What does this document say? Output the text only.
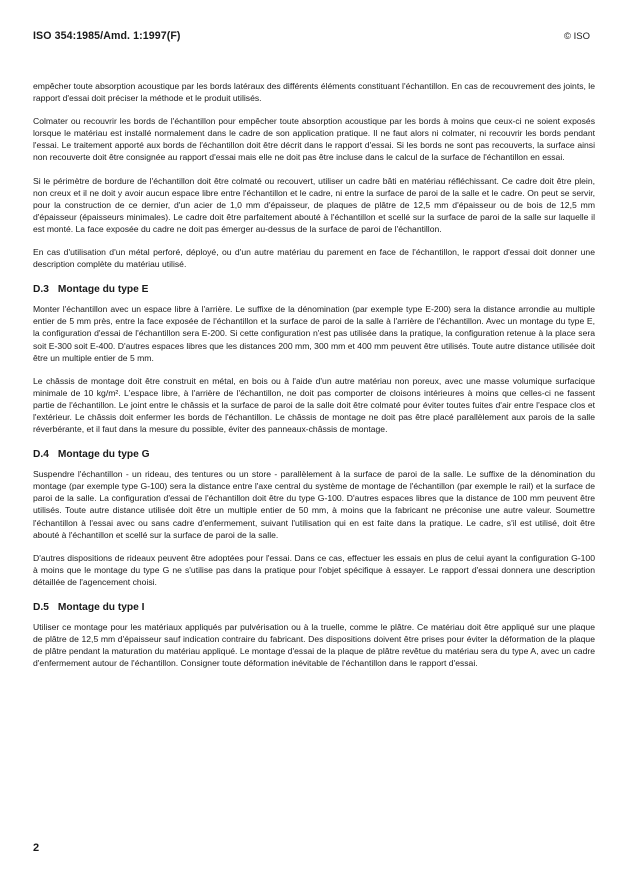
ISO 354:1985/Amd. 1:1997(F)	© ISO

empêcher toute absorption acoustique par les bords latéraux des différents éléments constituant l'échantillon. En cas de recouvrement des joints, le rapport d'essai doit préciser la méthode et le produit utilisés.

Colmater ou recouvrir les bords de l'échantillon pour empêcher toute absorption acoustique par les bords à moins que ceux-ci ne soient exposés lorsque le matériau est installé normalement dans le cadre de son application pratique. Il ne faut alors ni colmater, ni recouvrir les bords pendant l'essai. Le traitement apporté aux bords de l'échantillon doit être décrit dans le rapport d'essai. Si les bords ne sont pas recouverts, la surface ainsi non recouverte doit être consignée au rapport d'essai mais elle ne doit pas être incluse dans le calcul de la surface de l'échantillon en essai.

Si le périmètre de bordure de l'échantillon doit être colmaté ou recouvert, utiliser un cadre bâti en matériau réfléchissant. Ce cadre doit être plein, non creux et il ne doit y avoir aucun espace libre entre l'échantillon et le cadre, ni entre la surface de paroi de la salle et le cadre. On peut se servir, pour la construction de ce dernier, d'un acier de 1,0 mm d'épaisseur, de plaques de plâtre de 12,5 mm d'épaisseur ou de bois de 12,5 mm d'épaisseur (épaisseurs minimales). Le cadre doit être parfaitement abouté à l'échantillon et scellé sur la surface de paroi de la salle sur laquelle il est monté. La face exposée du cadre ne doit pas émerger au-dessus de la surface de paroi de l'échantillon.

En cas d'utilisation d'un métal perforé, déployé, ou d'un autre matériau du parement en face de l'échantillon, le rapport d'essai doit donner une description complète du matériau utilisé.

D.3 Montage du type E

Monter l'échantillon avec un espace libre à l'arrière. Le suffixe de la dénomination (par exemple type E-200) sera la distance arrondie au multiple entier de 5 mm près, entre la face exposée de l'échantillon et la surface de paroi de la salle à l'arrière de l'échantillon. Avec un montage du type E, la configuration d'essai de l'échantillon sera E-200. Si cette configuration n'est pas utilisée dans la pratique, la configuration retenue à la place sera soit E-300 soit E-400. D'autres espaces libres que les distances 200 mm, 300 mm et 400 mm peuvent être utilisés. Toute autre distance utilisée doit être un multiple entier de 5 mm.

Le châssis de montage doit être construit en métal, en bois ou à l'aide d'un autre matériau non poreux, avec une masse volumique surfacique minimale de 10 kg/m². L'espace libre, à l'arrière de l'échantillon, ne doit pas comporter de cloisons intérieures à moins que celles-ci ne fassent partie de l'échantillon. Le joint entre le châssis et la surface de paroi de la salle doit être colmaté pour éviter toutes fuites d'air entre l'espace clos et l'extérieur. Le châssis doit enfermer les bords de l'échantillon. Le châssis de montage ne doit pas être placé parallèlement aux parois de la salle réverbérante, et il faut dans la mesure du possible, éviter des panneaux-châssis de montage.

D.4 Montage du type G

Suspendre l'échantillon - un rideau, des tentures ou un store - parallèlement à la surface de paroi de la salle. Le suffixe de la dénomination du montage (par exemple type G-100) sera la distance entre l'axe central du système de montage de l'échantillon (par exemple le rail) et la surface de paroi de la salle. La configuration d'essai de l'échantillon doit être du type G-100. D'autres espaces libres que la distance de 100 mm peuvent être utilisés. Toute autre distance utilisée doit être un multiple entier de 50 mm, à moins que la fabricant ne préconise une autre valeur. Soumettre l'échantillon à l'essai avec ou sans cadre d'enfermement, suivant l'utilisation qui en est faite dans la pratique. Le cadre, s'il est utilisé, doit être abouté à l'échantillon et scellé sur la surface de paroi de la salle.

D'autres dispositions de rideaux peuvent être adoptées pour l'essai. Dans ce cas, effectuer les essais en plus de celui ayant la configuration G-100 à moins que le montage du type G ne s'utilise pas dans la pratique pour l'objet spécifique à essayer. Le rapport d'essai donnera une description détaillée de l'agencement choisi.

D.5 Montage du type I

Utiliser ce montage pour les matériaux appliqués par pulvérisation ou à la truelle, comme le plâtre. Ce matériau doit être appliqué sur une plaque de plâtre de 12,5 mm d'épaisseur sauf indication contraire du fabricant. Des dispositions doivent être prises pour éviter la déformation de la plaque de plâtre pendant la maturation du matériau appliqué. Le montage d'essai de la plaque de plâtre revêtue du matériau sera du type A, avec un cadre d'enfermement autour de l'échantillon. Consigner toute déformation inévitable de l'échantillon dans le rapport d'essai.

2
